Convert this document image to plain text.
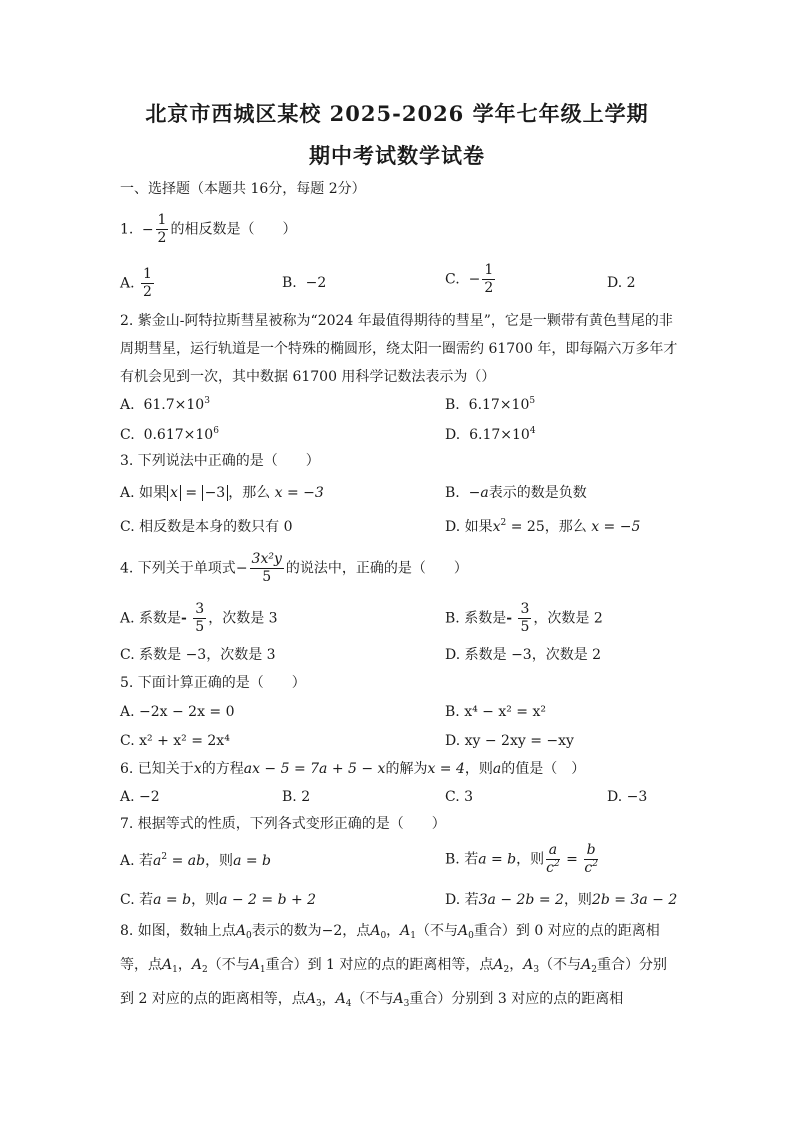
北京市西城区某校 2025-2026 学年七年级上学期
期中考试数学试卷
一、选择题（本题共 16分，每题 2分）
1. − $\frac{1}{2}$ 的相反数是（　　）
A. $\frac{1}{2}$	B. −2	C.  − $\frac{1}{2}$	D. 2
2. 紫金山-阿特拉斯彗星被称为“2024 年最值得期待的彗星”，它是一颗带有黄色彗尾的非
周期彗星，运行轨道是一个特殊的椭圆形，绕太阳一圈需约 61700 年，即每隔六万多年才
有机会见到一次，其中数据 61700 用科学记数法表示为（）
A. $61.7\times 10^3$	B. $6.17\times 10^5$
C. $0.617\times 10^6$	D. $6.17\times 10^4$
3. 下列说法中正确的是（　　）
A. 如果 x = −3 ，那么 x = −3	B. −a表示的数是负数
C. 相反数是本身的数只有 0	D. 如果$x^2 = 25$，那么 x = −5
4. 下列关于单项式− $\frac{\text{3x²y}}{5}$ 的说法中，正确的是（　　）
A. 系数是- $\frac{3}{5}$ ，次数是 3	B. 系数是- $\frac{3}{5}$ ，次数是 2
C. 系数是 −3，次数是 3	D. 系数是 −3，次数是 2
5. 下面计算正确的是（　　）
A. −2x − 2x = 0	B. x⁴ − x² = x²
C. x² + x² = 2x⁴	D. xy − 2xy = −xy
6. 已知关于x的方程ax − 5 = 7a + 5 − x的解为x = 4，则a的值是（　）
A. −2	B. 2	C. 3	D. −3
7. 根据等式的性质，下列各式变形正确的是（　　）
A. 若$a^2$ = ab，则a = b	B. 若a = b，则 $\frac{a}{c^2} = \frac{b}{c^2}$
C. 若a = b，则a − 2 = b + 2	D. 若3a − 2b = 2，则2b = 3a − 2
8. 如图，数轴上点$A_0$表示的数为−2，点$A_0$，$A_1$（不与$A_0$重合）到 0 对应的点的距离相
等，点$A_1$，$A_2$（不与$A_1$重合）到 1 对应的点的距离相等，点$A_2$，$A_3$（不与$A_2$重合）分别
到 2 对应的点的距离相等，点$A_3$，$A_4$（不与$A_3$重合）分别到 3 对应的点的距离相
